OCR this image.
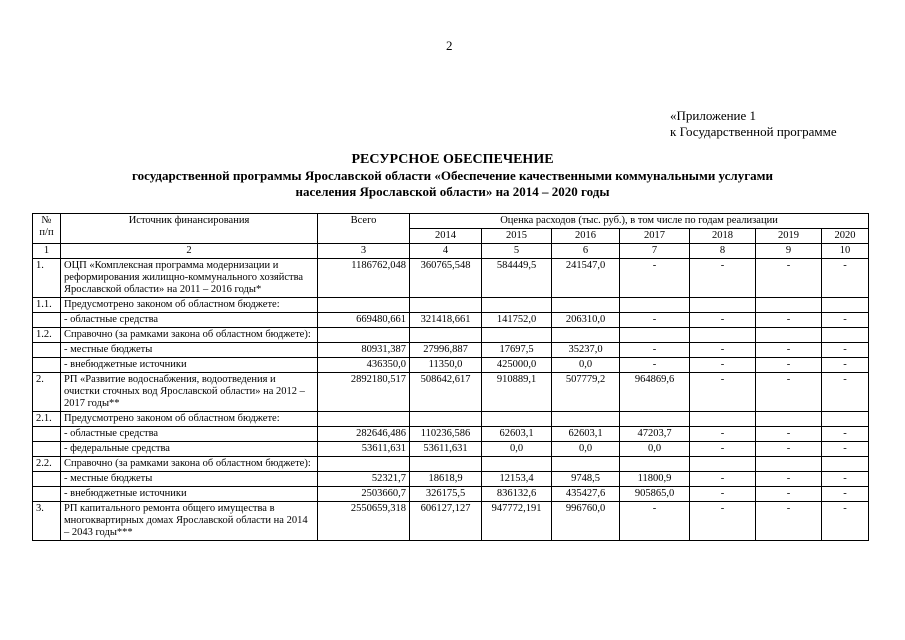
2
«Приложение 1
к Государственной программе
РЕСУРСНОЕ ОБЕСПЕЧЕНИЕ
государственной программы Ярославской области «Обеспечение качественными коммунальными услугами
населения Ярославской области» на 2014 – 2020 годы
№ п/п	Источник финансирования	Всего	Оценка расходов (тыс. руб.), в том числе по годам реализации						
			2014	2015	2016	2017	2018	2019	2020
1	2	3	4	5	6	7	8	9	10
1.	ОЦП «Комплексная программа модернизации и реформирования жилищно-коммунального хозяйства Ярославской области» на 2011 – 2016 годы*	1186762,048	360765,548	584449,5	241547,0	-	-	-	-
1.1.	Предусмотрено законом об областном бюджете:								
	- областные средства	669480,661	321418,661	141752,0	206310,0	-	-	-	-
1.2.	Справочно (за рамками закона об областном бюджете):								
	- местные бюджеты	80931,387	27996,887	17697,5	35237,0	-	-	-	-
	- внебюджетные источники	436350,0	11350,0	425000,0	0,0	-	-	-	-
2.	РП «Развитие водоснабжения, водоотведения и очистки сточных вод Ярославской области» на 2012 – 2017 годы**	2892180,517	508642,617	910889,1	507779,2	964869,6	-	-	-
2.1.	Предусмотрено законом об областном бюджете:								
	- областные средства	282646,486	110236,586	62603,1	62603,1	47203,7	-	-	-
	- федеральные средства	53611,631	53611,631	0,0	0,0	0,0	-	-	-
2.2.	Справочно (за рамками закона об областном бюджете):								
	- местные бюджеты	52321,7	18618,9	12153,4	9748,5	11800,9	-	-	-
	- внебюджетные источники	2503660,7	326175,5	836132,6	435427,6	905865,0	-	-	-
3.	РП капитального ремонта общего имущества в многоквартирных домах Ярославской области на 2014 – 2043 годы***	2550659,318	606127,127	947772,191	996760,0	-	-	-	-
